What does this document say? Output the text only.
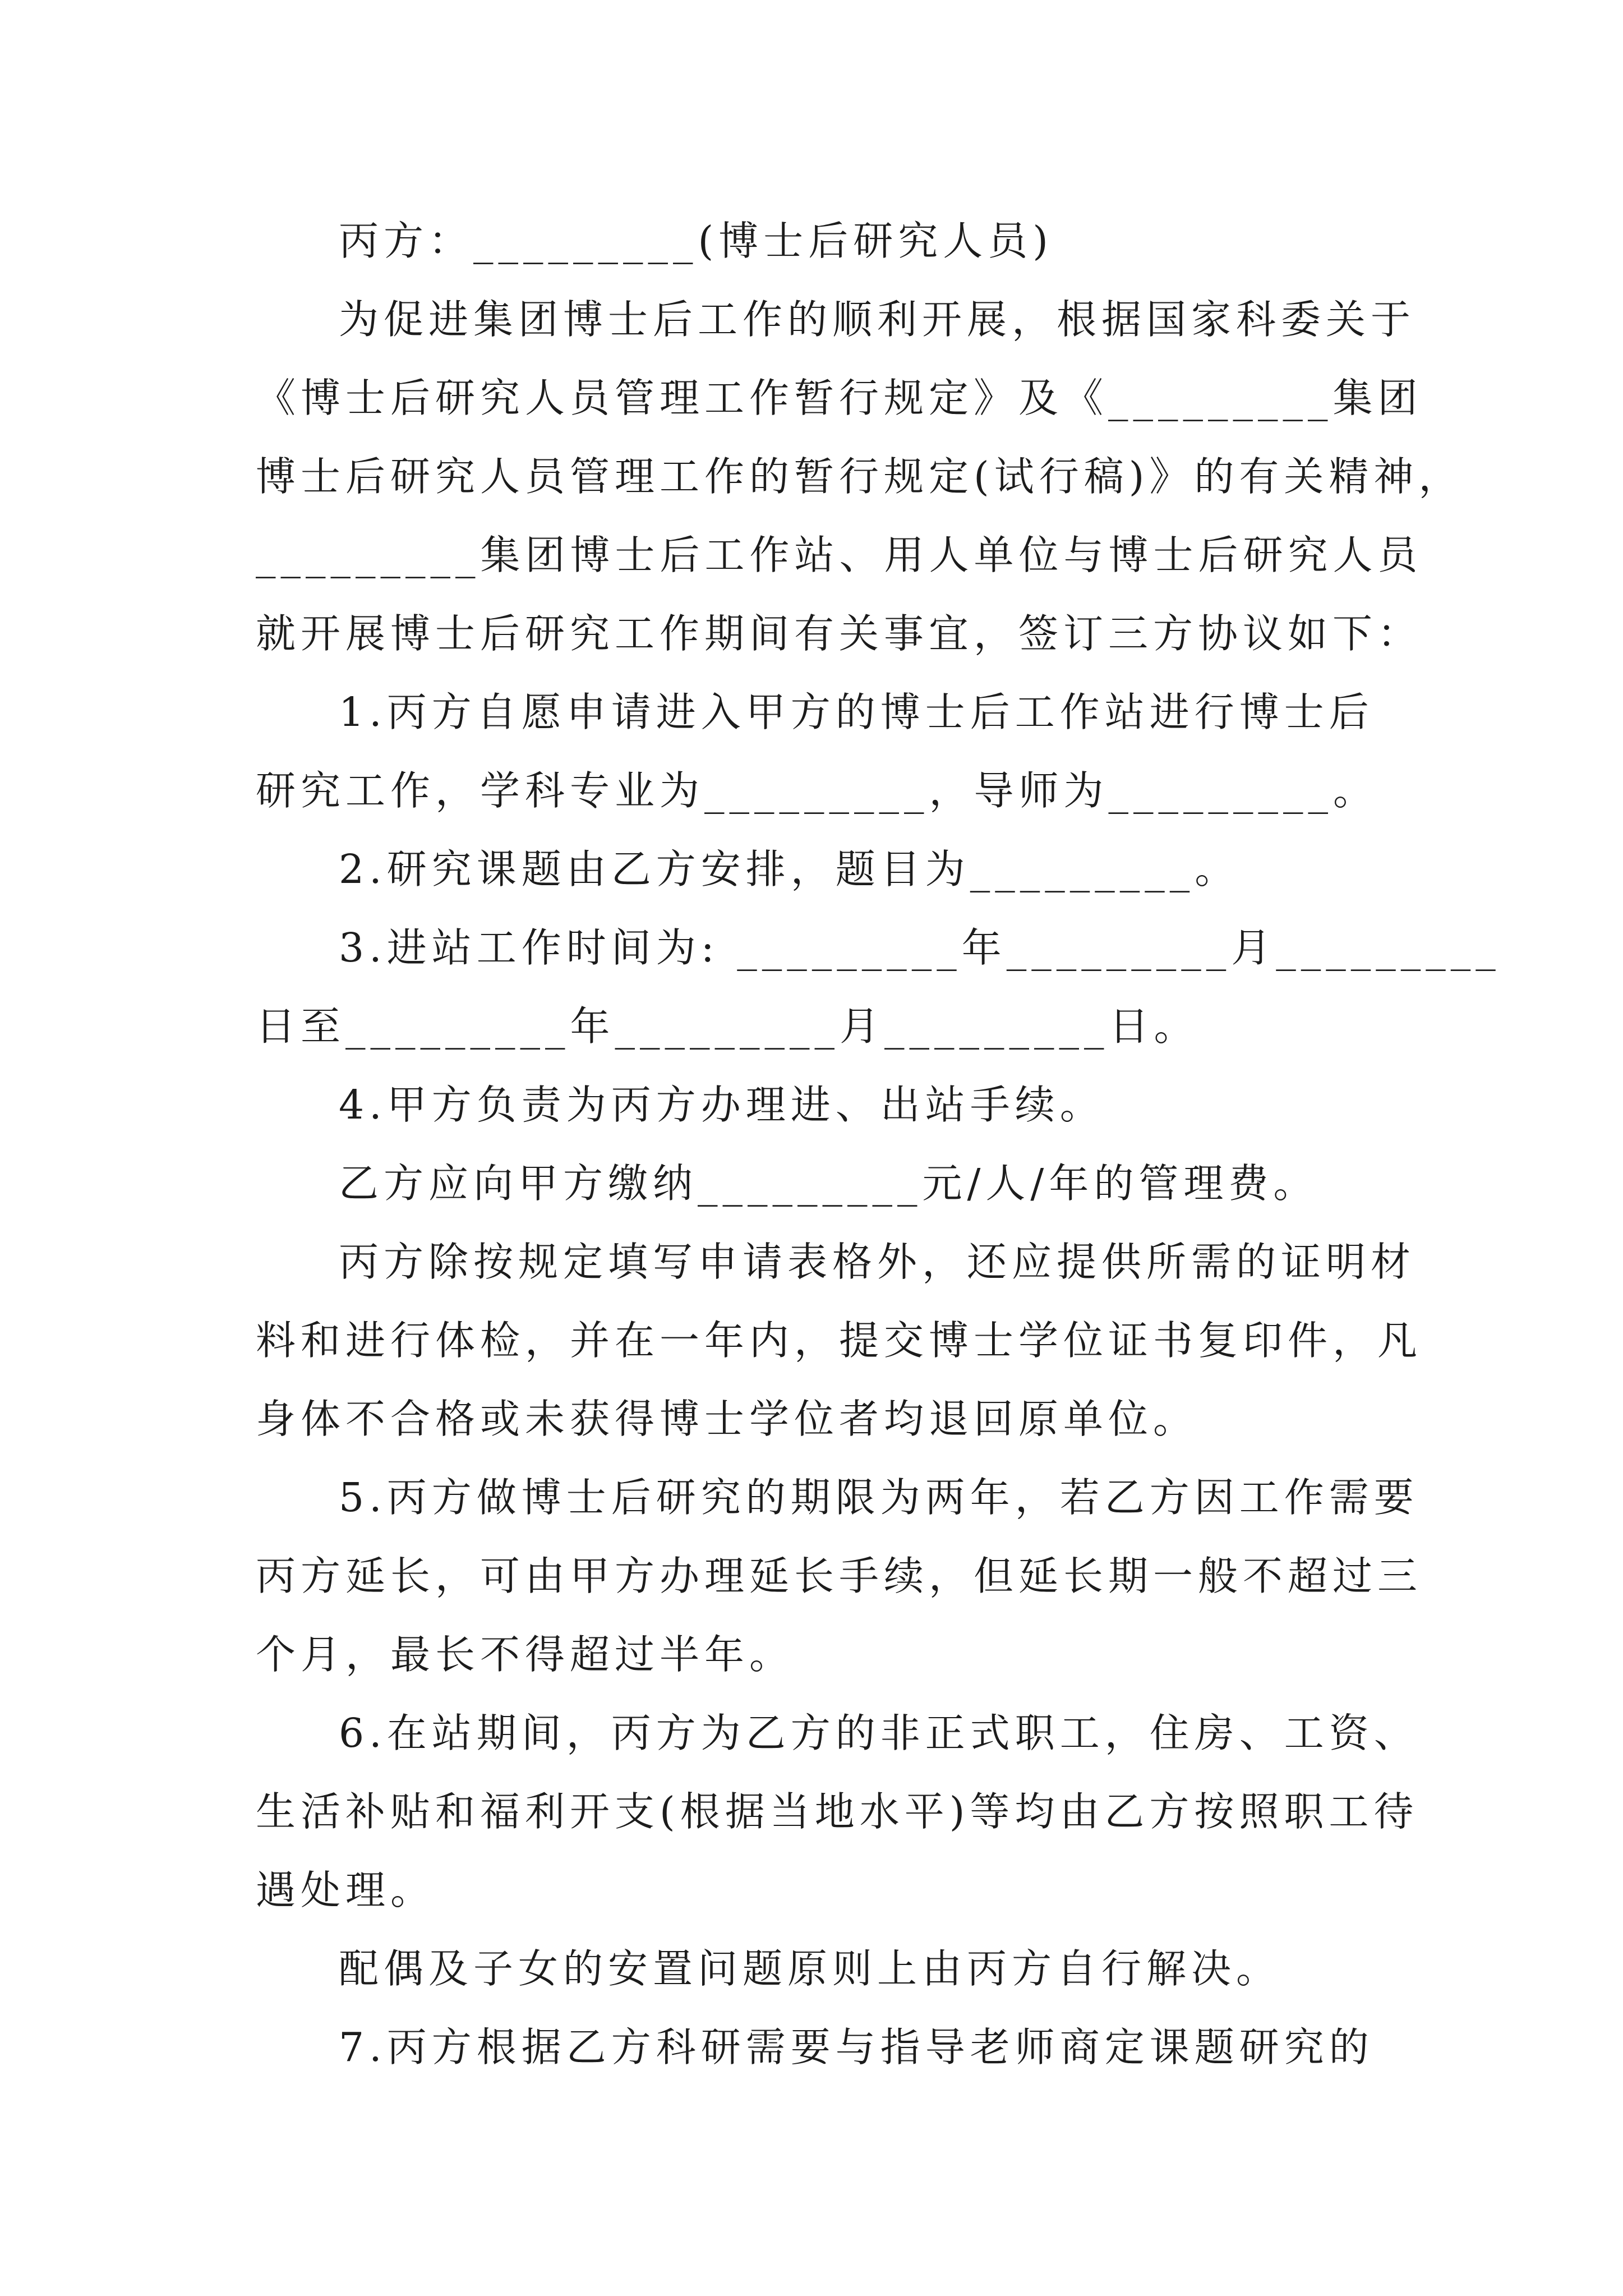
丙方：_________(博士后研究人员)
为促进集团博士后工作的顺利开展，根据国家科委关于
《博士后研究人员管理工作暂行规定》及《_________集团
博士后研究人员管理工作的暂行规定(试行稿)》的有关精神，
_________集团博士后工作站、用人单位与博士后研究人员
就开展博士后研究工作期间有关事宜，签订三方协议如下：
1.丙方自愿申请进入甲方的博士后工作站进行博士后
研究工作，学科专业为_________，导师为_________。
2.研究课题由乙方安排，题目为_________。
3.进站工作时间为: _________年_________月_________
日至_________年_________月_________日。
4.甲方负责为丙方办理进、出站手续。
乙方应向甲方缴纳_________元/人/年的管理费。
丙方除按规定填写申请表格外，还应提供所需的证明材
料和进行体检，并在一年内，提交博士学位证书复印件，凡
身体不合格或未获得博士学位者均退回原单位。
5.丙方做博士后研究的期限为两年，若乙方因工作需要
丙方延长，可由甲方办理延长手续，但延长期一般不超过三
个月，最长不得超过半年。
6.在站期间，丙方为乙方的非正式职工，住房、工资、
生活补贴和福利开支(根据当地水平)等均由乙方按照职工待
遇处理。
配偶及子女的安置问题原则上由丙方自行解决。
7.丙方根据乙方科研需要与指导老师商定课题研究的
